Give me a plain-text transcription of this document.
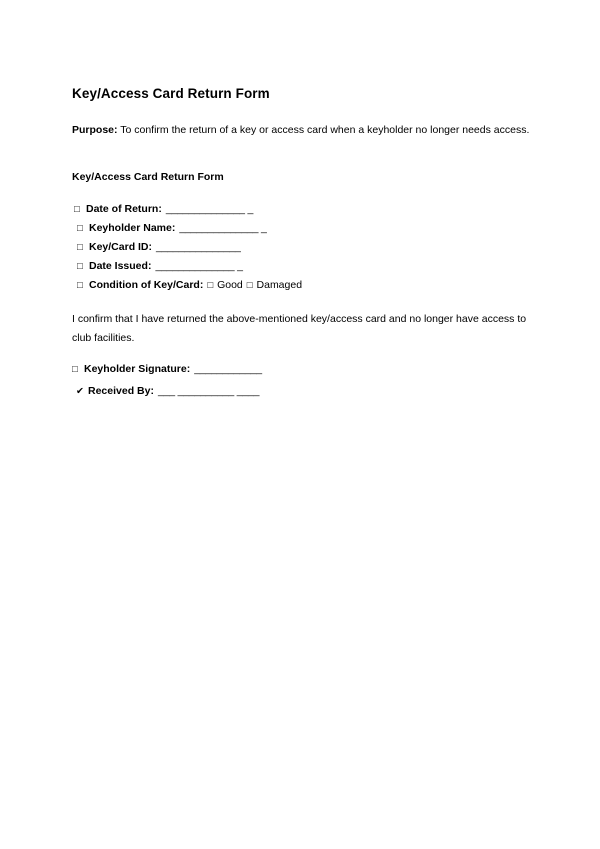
Key/Access Card Return Form
Purpose: To confirm the return of a key or access card when a keyholder no longer needs access.
Key/Access Card Return Form
□ Date of Return: ______________ _
□ Keyholder Name: ______________ _
□ Key/Card ID: _______________
□ Date Issued: ______________ _
□ Condition of Key/Card: □ Good □ Damaged
I confirm that I have returned the above-mentioned key/access card and no longer have access to club facilities.
□ Keyholder Signature: ____________
✔ Received By: ___ __________ ____
